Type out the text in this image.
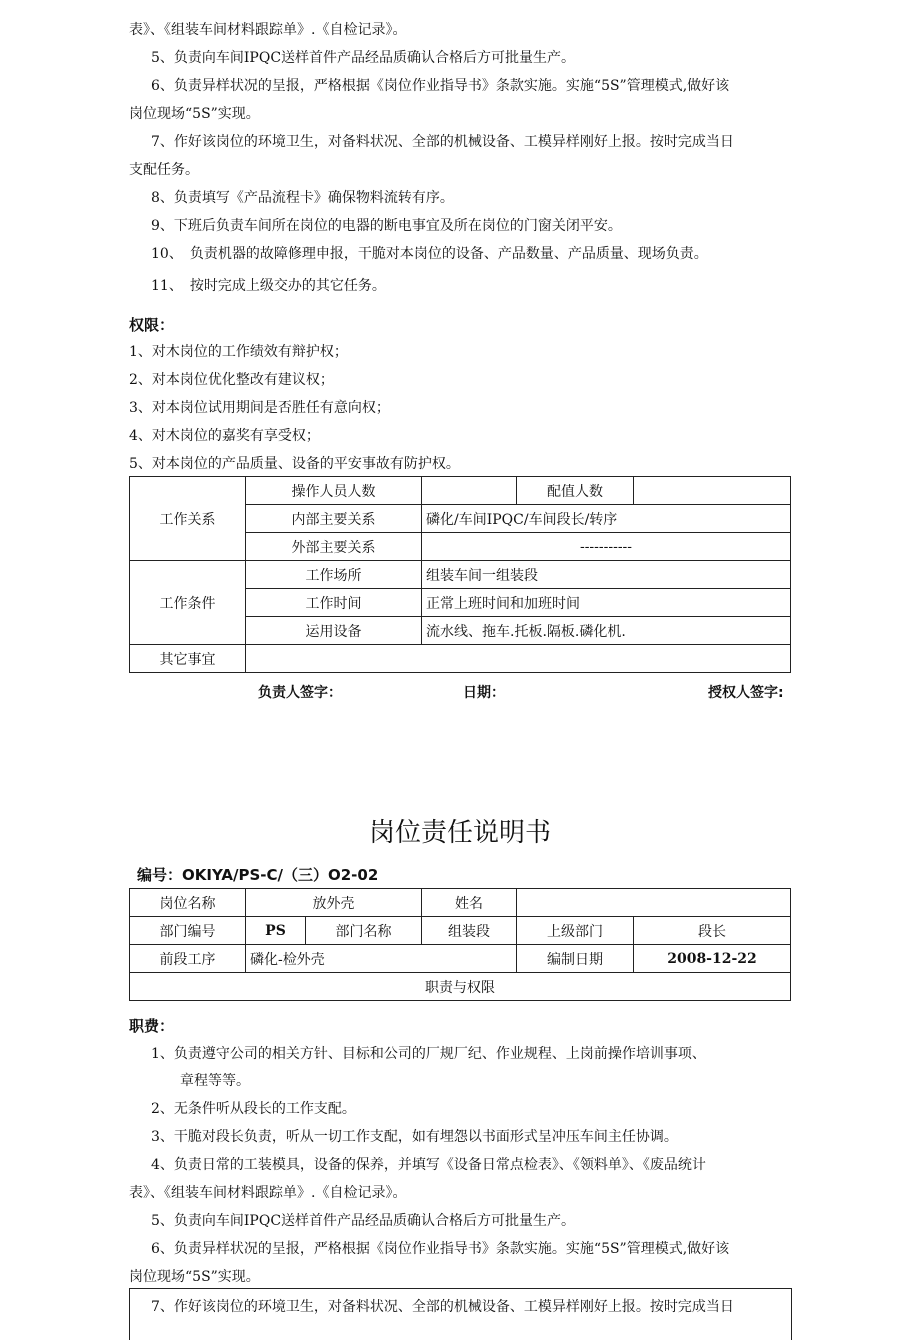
表》、《组装车间材料跟踪单》.《自检记录》。
5、负责向车间IPQC送样首件产品经品质确认合格后方可批量生产。
6、负责异样状况的呈报，严格根据《岗位作业指导书》条款实施。实施“5S”管理模式,做好该
岗位现场“5S”实现。
7、作好该岗位的环境卫生，对备料状况、全部的机械设备、工模异样刚好上报。按时完成当日
支配任务。
8、负责填写《产品流程卡》确保物料流转有序。
9、下班后负责车间所在岗位的电器的断电事宜及所在岗位的门窗关闭平安。
10、　负责机器的故障修理申报，干脆对本岗位的设备、产品数量、产品质量、现场负责。
11、　按时完成上级交办的其它任务。
权限：
1、对木岗位的工作绩效有辩护权；
2、对本岗位优化整改有建议权；
3、对本岗位试用期间是否胜任有意向权；
4、对木岗位的嘉奖有享受权；
5、对本岗位的产品质量、设备的平安事故有防护权。
工作关系	操作人员人数		配值人数	
	内部主要关系	磷化/车间IPQC/车间段长/转序		
	外部主要关系	-----------		
工作条件	工作场所	组装车间一组装段		
	工作时间	正常上班时间和加班时间		
	运用设备	流水线、拖车.托板.隔板.磷化机.		
其它事宜				
负责人签字：	日期：	授权人签字:
岗位责任说明书
编号：OKIYA/PS-C/（三）O2-02
岗位名称	放外壳		姓名		
部门编号	PS	部门名称	组装段	上级部门	段长
前段工序	磷化-检外壳			编制日期	2008-12-22
职责与权限					
职费：
1、负责遵守公司的相关方针、目标和公司的厂规厂纪、作业规程、上岗前操作培训事项、
章程等等。
2、无条件听从段长的工作支配。
3、干脆对段长负责，听从一切工作支配，如有埋怨以书面形式呈冲压车间主任协调。
4、负责日常的工装模具，设备的保养，并填写《设备日常点检表》、《领料单》、《废品统计
表》、《组装车间材料跟踪单》.《自检记录》。
5、负责向车间IPQC送样首件产品经品质确认合格后方可批量生产。
6、负责异样状况的呈报，严格根据《岗位作业指导书》条款实施。实施“5S”管理模式,做好该
岗位现场“5S”实现。
7、作好该岗位的环境卫生，对备料状况、全部的机械设备、工模异样刚好上报。按时完成当日
